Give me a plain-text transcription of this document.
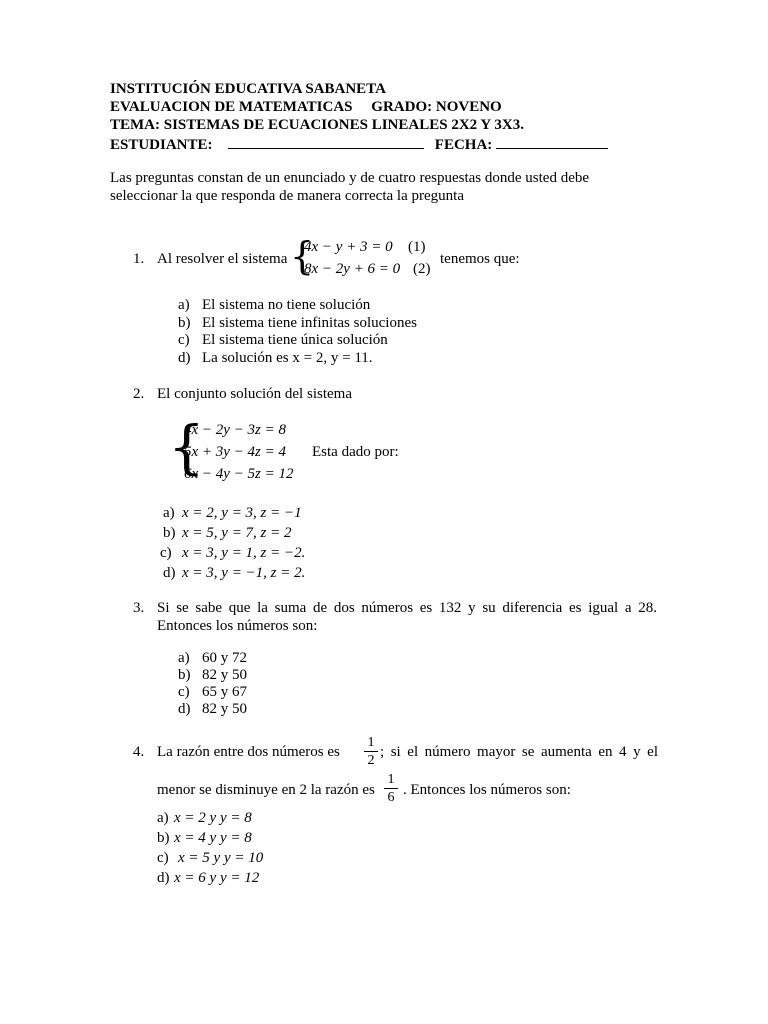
INSTITUCIÓN EDUCATIVA SABANETA
EVALUACION DE MATEMATICAS GRADO: NOVENO
TEMA: SISTEMAS DE ECUACIONES LINEALES 2X2 Y 3X3.
ESTUDIANTE:	FECHA:
Las preguntas constan de un enunciado y de cuatro respuestas donde usted debe
seleccionar la que responda de manera correcta la pregunta
1. Al resolver el sistema {
4x − y + 3 = 0 (1)
8x − 2y + 6 = 0 (2)
tenemos que:
a) El sistema no tiene solución
b) El sistema tiene infinitas soluciones
c) El sistema tiene única solución
d) La solución es x = 2, y = 11.
2. El conjunto solución del sistema
{
4x − 2y − 3z = 8
5x + 3y − 4z = 4
6x − 4y − 5z = 12
Esta dado por:
a) x = 2, y = 3, z = −1
b) x = 5, y = 7, z = 2
c) x = 3, y = 1, z = −2.
d) x = 3, y = −1, z = 2.
3. Si se sabe que la suma de dos números es 132 y su diferencia es igual a 28.
Entonces los números son:
a) 60 y 72
b) 82 y 50
c) 65 y 67
d) 82 y 50
4. La razón entre dos números es
1
2
; si el número mayor se aumenta en 4 y el
menor se disminuye en 2 la razón es
1
6 . Entonces los números son:
a) x = 2 y y = 8
b) x = 4 y y = 8
c) x = 5 y y = 10
d) x = 6 y y = 12
